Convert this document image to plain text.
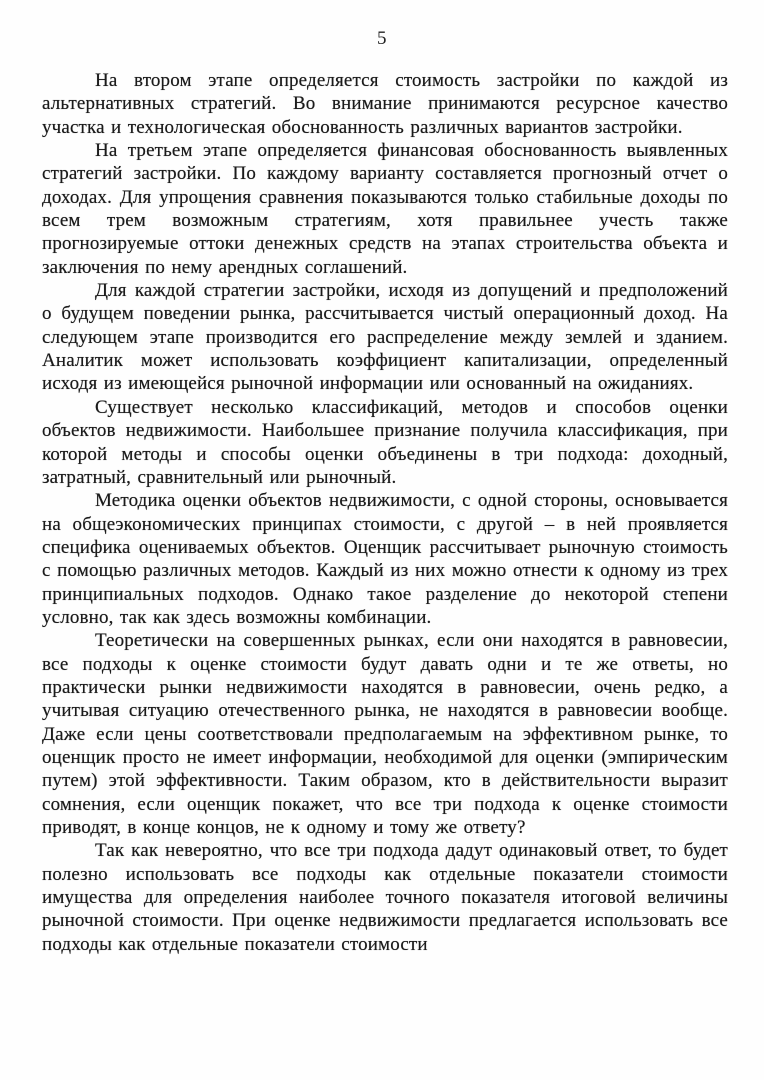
5

На втором этапе определяется стоимость застройки по каждой из альтернативных стратегий. Во внимание принимаются ресурсное качество участка и технологическая обоснованность различных вариантов застройки.

На третьем этапе определяется финансовая обоснованность выявленных стратегий застройки. По каждому варианту составляется прогнозный отчет о доходах. Для упрощения сравнения показываются только стабильные доходы по всем трем возможным стратегиям, хотя правильнее учесть также прогнозируемые оттоки денежных средств на этапах строительства объекта и заключения по нему арендных соглашений.

Для каждой стратегии застройки, исходя из допущений и предположений о будущем поведении рынка, рассчитывается чистый операционный доход. На следующем этапе производится его распределение между землей и зданием. Аналитик может использовать коэффициент капитализации, определенный исходя из имеющейся рыночной информации или основанный на ожиданиях.

Существует несколько классификаций, методов и способов оценки объектов недвижимости. Наибольшее признание получила классификация, при которой методы и способы оценки объединены в три подхода: доходный, затратный, сравнительный или рыночный.

Методика оценки объектов недвижимости, с одной стороны, основывается на общеэкономических принципах стоимости, с другой – в ней проявляется специфика оцениваемых объектов. Оценщик рассчитывает рыночную стоимость с помощью различных методов. Каждый из них можно отнести к одному из трех принципиальных подходов. Однако такое разделение до некоторой степени условно, так как здесь возможны комбинации.

Теоретически на совершенных рынках, если они находятся в равновесии, все подходы к оценке стоимости будут давать одни и те же ответы, но практически рынки недвижимости находятся в равновесии, очень редко, а учитывая ситуацию отечественного рынка, не находятся в равновесии вообще. Даже если цены соответствовали предполагаемым на эффективном рынке, то оценщик просто не имеет информации, необходимой для оценки (эмпирическим путем) этой эффективности. Таким образом, кто в действительности выразит сомнения, если оценщик покажет, что все три подхода к оценке стоимости приводят, в конце концов, не к одному и тому же ответу?

Так как невероятно, что все три подхода дадут одинаковый ответ, то будет полезно использовать все подходы как отдельные показатели стоимости имущества для определения наиболее точного показателя итоговой величины рыночной стоимости. При оценке недвижимости предлагается использовать все подходы как отдельные показатели стоимости
